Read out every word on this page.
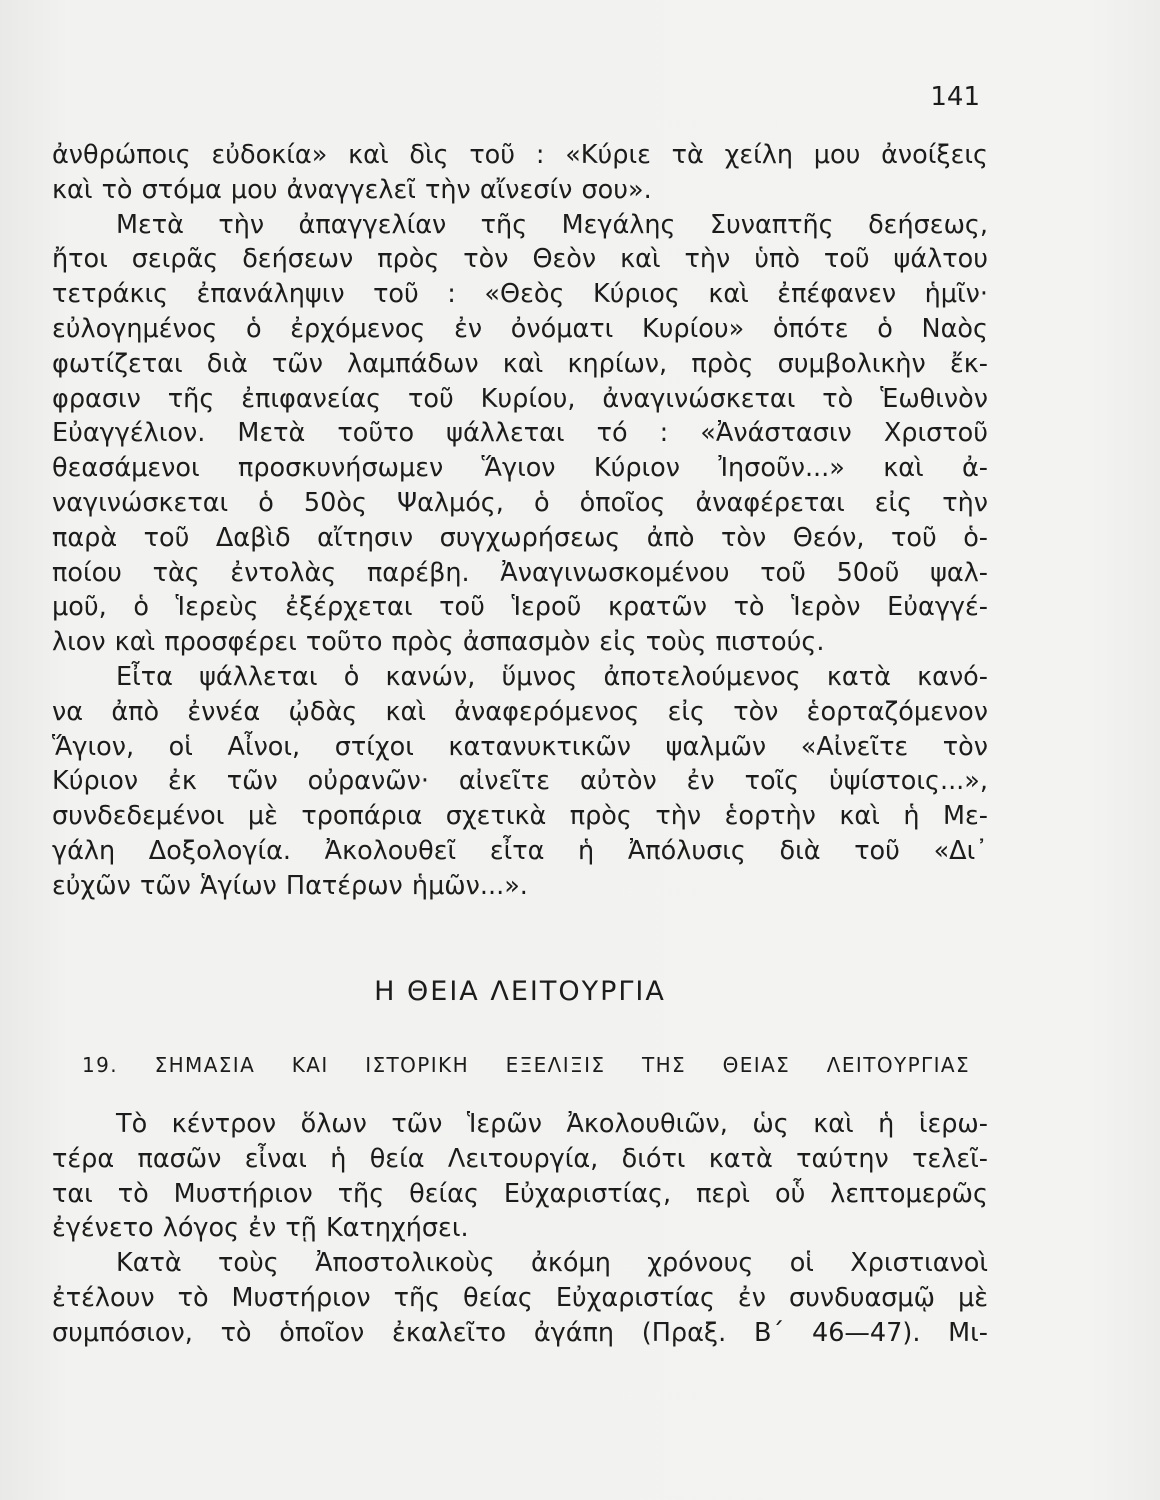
141

ἀνθρώποις εὐδοκία» καὶ δὶς τοῦ : «Κύριε τὰ χείλη μου ἀνοίξεις
καὶ τὸ στόμα μου ἀναγγελεῖ τὴν αἴνεσίν σου».

Μετὰ τὴν ἀπαγγελίαν τῆς Μεγάλης Συναπτῆς δεήσεως,
ἤτοι σειρᾶς δεήσεων πρὸς τὸν Θεὸν καὶ τὴν ὑπὸ τοῦ ψάλτου
τετράκις ἐπανάληψιν τοῦ : «Θεὸς Κύριος καὶ ἐπέφανεν ἡμῖν·
εὐλογημένος ὁ ἐρχόμενος ἐν ὀνόματι Κυρίου» ὁπότε ὁ Ναὸς
φωτίζεται διὰ τῶν λαμπάδων καὶ κηρίων, πρὸς συμβολικὴν ἔκ-
φρασιν τῆς ἐπιφανείας τοῦ Κυρίου, ἀναγινώσκεται τὸ Ἑωθινὸν
Εὐαγγέλιον. Μετὰ τοῦτο ψάλλεται τό : «Ἀνάστασιν Χριστοῦ
θεασάμενοι προσκυνήσωμεν Ἅγιον Κύριον Ἰησοῦν...» καὶ ἀ-
ναγινώσκεται ὁ 50ὸς Ψαλμός, ὁ ὁποῖος ἀναφέρεται εἰς τὴν
παρὰ τοῦ Δαβὶδ αἴτησιν συγχωρήσεως ἀπὸ τὸν Θεόν, τοῦ ὁ-
ποίου τὰς ἐντολὰς παρέβη. Ἀναγινωσκομένου τοῦ 50οῦ ψαλ-
μοῦ, ὁ Ἱερεὺς ἐξέρχεται τοῦ Ἱεροῦ κρατῶν τὸ Ἱερὸν Εὐαγγέ-
λιον καὶ προσφέρει τοῦτο πρὸς ἀσπασμὸν εἰς τοὺς πιστούς.

Εἶτα ψάλλεται ὁ κανών, ὕμνος ἀποτελούμενος κατὰ κανό-
να ἀπὸ ἐννέα ᾠδὰς καὶ ἀναφερόμενος εἰς τὸν ἑορταζόμενον
Ἅγιον, οἱ Αἶνοι, στίχοι κατανυκτικῶν ψαλμῶν «Αἰνεῖτε τὸν
Κύριον ἐκ τῶν οὐρανῶν· αἰνεῖτε αὐτὸν ἐν τοῖς ὑψίστοις...»,
συνδεδεμένοι μὲ τροπάρια σχετικὰ πρὸς τὴν ἑορτὴν καὶ ἡ Με-
γάλη Δοξολογία. Ἀκολουθεῖ εἶτα ἡ Ἀπόλυσις διὰ τοῦ «Δι᾽
εὐχῶν τῶν Ἁγίων Πατέρων ἡμῶν...».

Η ΘΕΙΑ ΛΕΙΤΟΥΡΓΙΑ
19. ΣΗΜΑΣΙΑ ΚΑΙ ΙΣΤΟΡΙΚΗ ΕΞΕΛΙΞΙΣ ΤΗΣ ΘΕΙΑΣ ΛΕΙΤΟΥΡΓΙΑΣ

Τὸ κέντρον ὅλων τῶν Ἱερῶν Ἀκολουθιῶν, ὡς καὶ ἡ ἱερω-
τέρα πασῶν εἶναι ἡ θεία Λειτουργία, διότι κατὰ ταύτην τελεῖ-
ται τὸ Μυστήριον τῆς θείας Εὐχαριστίας, περὶ οὗ λεπτομερῶς
ἐγένετο λόγος ἐν τῇ Κατηχήσει.

Κατὰ τοὺς Ἀποστολικοὺς ἀκόμη χρόνους οἱ Χριστιανοὶ
ἐτέλουν τὸ Μυστήριον τῆς θείας Εὐχαριστίας ἐν συνδυασμῷ μὲ
συμπόσιον, τὸ ὁποῖον ἐκαλεῖτο ἀγάπη (Πραξ. Β΄ 46—47). Μι-
